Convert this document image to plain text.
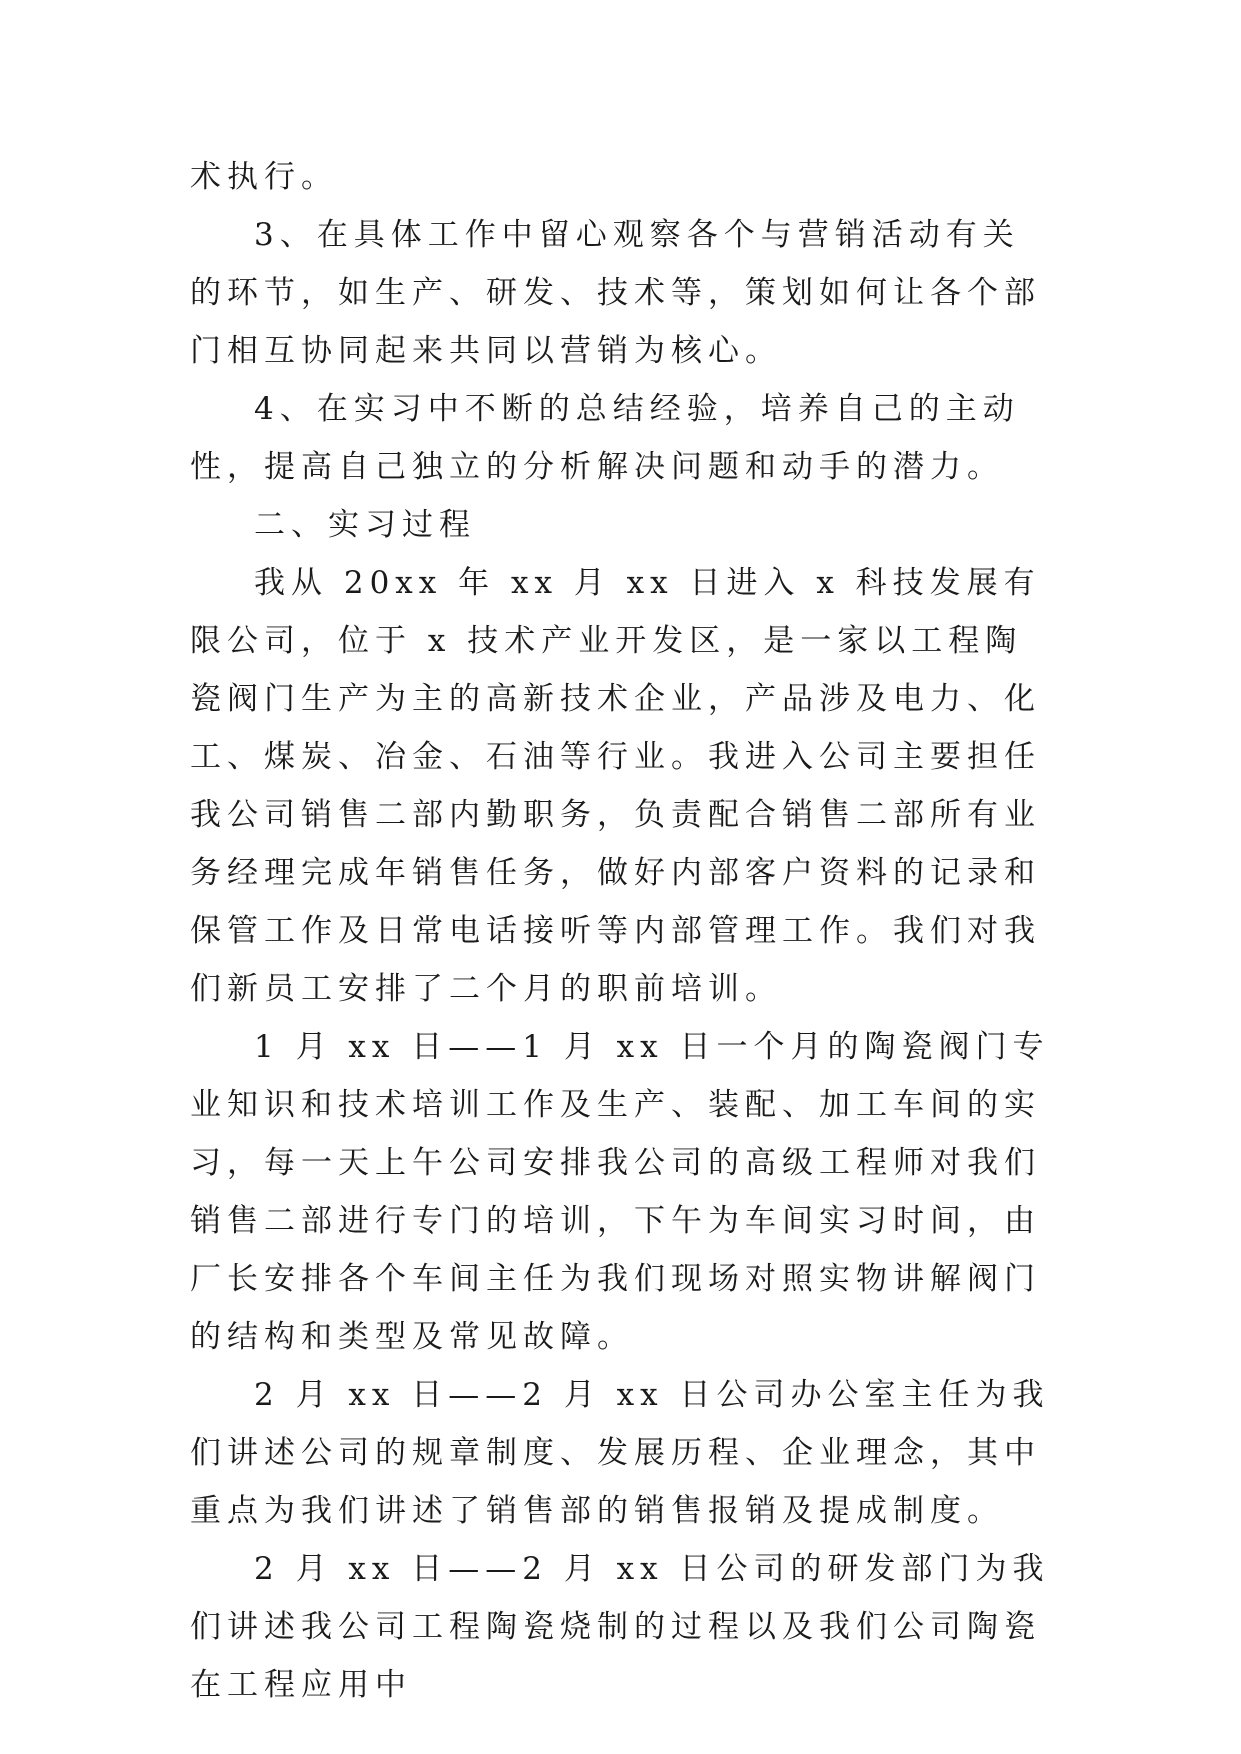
术执行。

3、在具体工作中留心观察各个与营销活动有关的环节，如生产、研发、技术等，策划如何让各个部门相互协同起来共同以营销为核心。

4、在实习中不断的总结经验，培养自己的主动性，提高自己独立的分析解决问题和动手的潜力。

二、实习过程

我从 20xx 年 xx 月 xx 日进入 x 科技发展有限公司，位于 x 技术产业开发区，是一家以工程陶瓷阀门生产为主的高新技术企业，产品涉及电力、化工、煤炭、冶金、石油等行业。我进入公司主要担任我公司销售二部内勤职务，负责配合销售二部所有业务经理完成年销售任务，做好内部客户资料的记录和保管工作及日常电话接听等内部管理工作。我们对我们新员工安排了二个月的职前培训。

1 月 xx 日——1 月 xx 日一个月的陶瓷阀门专业知识和技术培训工作及生产、装配、加工车间的实习，每一天上午公司安排我公司的高级工程师对我们销售二部进行专门的培训，下午为车间实习时间，由厂长安排各个车间主任为我们现场对照实物讲解阀门的结构和类型及常见故障。

2 月 xx 日——2 月 xx 日公司办公室主任为我们讲述公司的规章制度、发展历程、企业理念，其中重点为我们讲述了销售部的销售报销及提成制度。

2 月 xx 日——2 月 xx 日公司的研发部门为我们讲述我公司工程陶瓷烧制的过程以及我们公司陶瓷在工程应用中
